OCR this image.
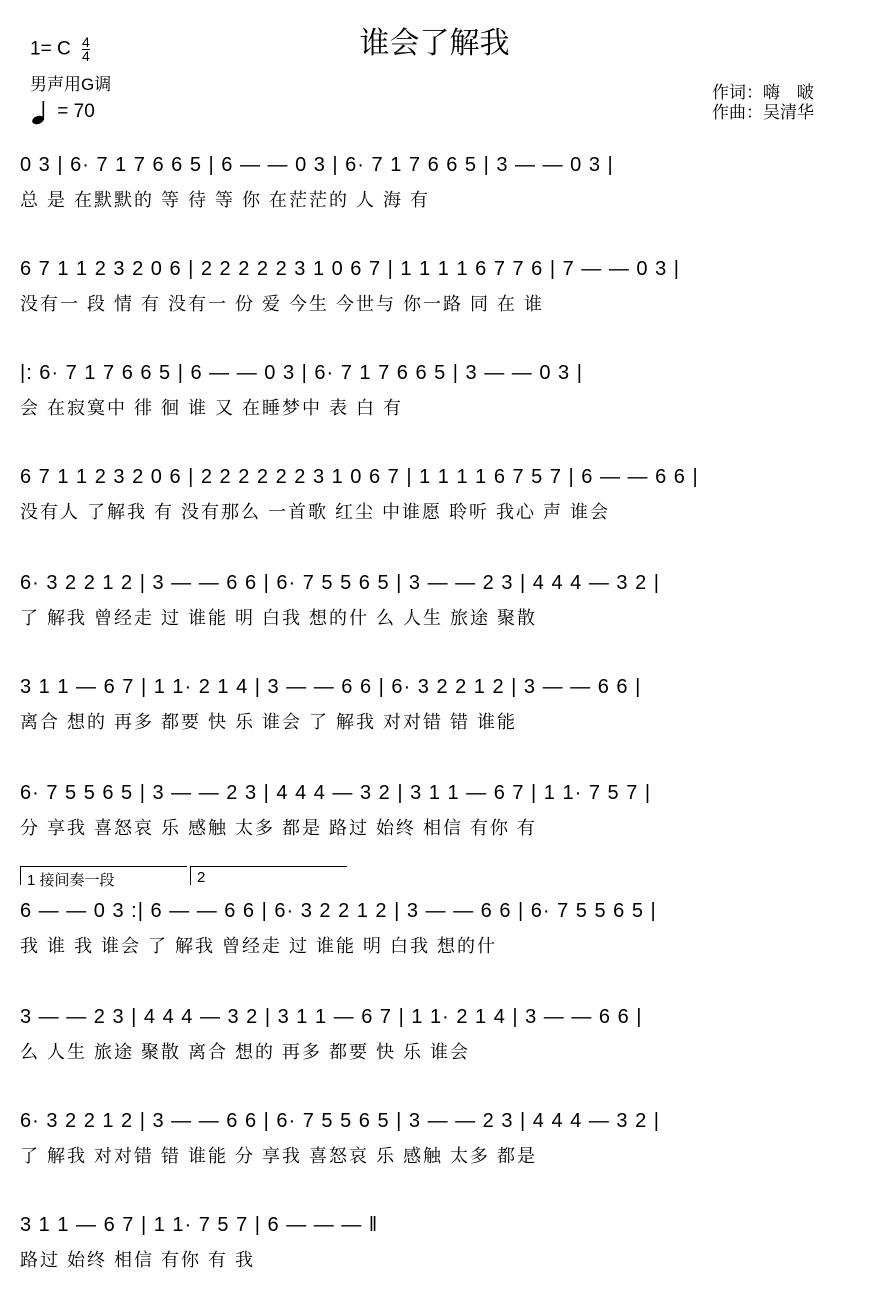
谁会了解我
1= C $\frac{4}{4}$
男声用G调
= 70
作词：嗨　啵
作曲：吴清华
0 3 | 6· 7 1 7 6 6 5 | 6 — — 0 3 | 6· 7 1 7 6 6 5 | 3 — — 0 3 |
总 是 在默默的 等 待 等 你 在茫茫的 人 海 有
6 7 1 1 2 3 2 0 6 | 2 2 2 2 2 3 1 0 6 7 | 1 1 1 1 6 7 7 6 | 7 — — 0 3 |
没有一 段 情 有 没有一 份 爱 今生 今世与 你一路 同 在 谁
|: 6· 7 1 7 6 6 5 | 6 — — 0 3 | 6· 7 1 7 6 6 5 | 3 — — 0 3 |
会 在寂寞中 徘 徊 谁 又 在睡梦中 表 白 有
6 7 1 1 2 3 2 0 6 | 2 2 2 2 2 2 3 1 0 6 7 | 1 1 1 1 6 7 5 7 | 6 — — 6 6 |
没有人 了解我 有 没有那么 一首歌 红尘 中谁愿 聆听 我心 声 谁会
6· 3 2 2 1 2 | 3 — — 6 6 | 6· 7 5 5 6 5 | 3 — — 2 3 | 4 4 4 — 3 2 |
了 解我 曾经走 过 谁能 明 白我 想的什 么 人生 旅途 聚散
3 1 1 — 6 7 | 1 1· 2 1 4 | 3 — — 6 6 | 6· 3 2 2 1 2 | 3 — — 6 6 |
离合 想的 再多 都要 快 乐 谁会 了 解我 对对错 错 谁能
6· 7 5 5 6 5 | 3 — — 2 3 | 4 4 4 — 3 2 | 3 1 1 — 6 7 | 1 1· 7 5 7 |
分 享我 喜怒哀 乐 感触 太多 都是 路过 始终 相信 有你 有
1 接间奏一段	2
6 — — 0 3 :| 6 — — 6 6 | 6· 3 2 2 1 2 | 3 — — 6 6 | 6· 7 5 5 6 5 |
我 谁 我 谁会 了 解我 曾经走 过 谁能 明 白我 想的什
3 — — 2 3 | 4 4 4 — 3 2 | 3 1 1 — 6 7 | 1 1· 2 1 4 | 3 — — 6 6 |
么 人生 旅途 聚散 离合 想的 再多 都要 快 乐 谁会
6· 3 2 2 1 2 | 3 — — 6 6 | 6· 7 5 5 6 5 | 3 — — 2 3 | 4 4 4 — 3 2 |
了 解我 对对错 错 谁能 分 享我 喜怒哀 乐 感触 太多 都是
3 1 1 — 6 7 | 1 1· 7 5 7 | 6 — — — ‖
路过 始终 相信 有你 有 我
